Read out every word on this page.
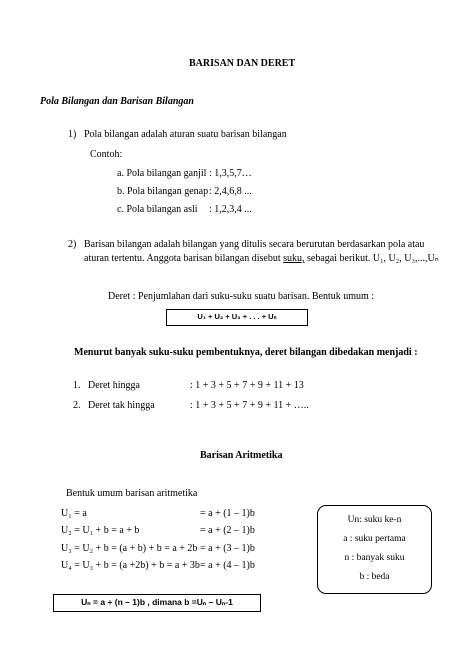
BARISAN DAN DERET
Pola Bilangan dan Barisan Bilangan
1) Pola bilangan adalah aturan suatu barisan bilangan
Contoh:
a. Pola bilangan ganjil : 1,3,5,7…
b. Pola bilangan genap : 2,4,6,8 ...
c. Pola bilangan asli : 1,2,3,4 ...
2) Barisan bilangan adalah bilangan yang ditulis secara berurutan berdasarkan pola atau
aturan tertentu. Anggota barisan bilangan disebut suku, sebagai berikut. U₁, U₂, U₃,...,Uₙ
Deret : Penjumlahan dari suku-suku suatu barisan. Bentuk umum :
U₁ + U₂ + U₃ + . . . + Uₙ
Menurut banyak suku-suku pembentuknya, deret bilangan dibedakan menjadi :
1. Deret hingga	: 1 + 3 + 5 + 7 + 9 + 11 + 13
2. Deret tak hingga	: 1 + 3 + 5 + 7 + 9 + 11 + …..
Barisan Aritmetika
Bentuk umum barisan aritmetika
U₁ = a	= a + (1 – 1)b
U₂ = U₁ + b = a + b	= a + (2 – 1)b
U₃ = U₂ + b = (a + b) + b = a + 2b = a + (3 – 1)b
U₄ = U₃ + b = (a +2b) + b = a + 3b = a + (4 – 1)b
Un: suku ke-n
a : suku pertama
n : banyak suku
b : beda
Uₙ = a + (n – 1)b , dimana b =Uₙ – Uₙ-1
